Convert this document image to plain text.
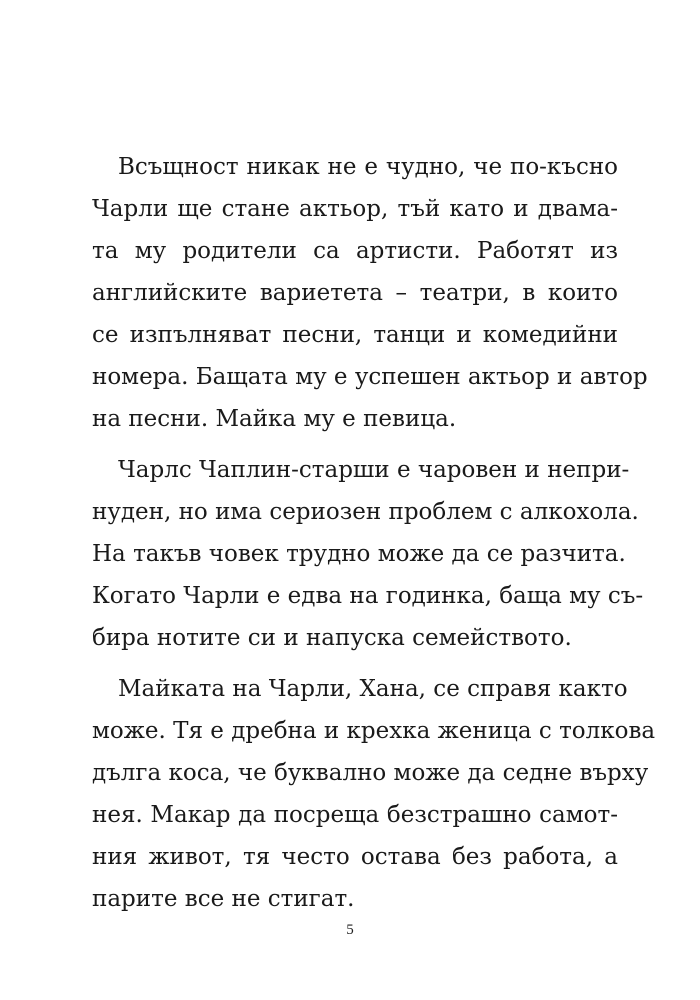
Всъщност никак не е чудно, че по-късно
Чарли ще стане актьор, тъй като и двама-
та му родители са артисти. Работят из
английските вариетета – театри, в които
се изпълняват песни, танци и комедийни
номера. Бащата му е успешен актьор и автор
на песни. Майка му е певица.
Чарлс Чаплин-старши е чаровен и непри-
нуден, но има сериозен проблем с алкохола.
На такъв човек трудно може да се разчита.
Когато Чарли е едва на годинка, баща му съ-
бира нотите си и напуска семейството.
Майката на Чарли, Хана, се справя както
може. Тя е дребна и крехка женица с толкова
дълга коса, че буквално може да седне върху
нея. Макар да посреща безстрашно самот-
ния живот, тя често остава без работа, а
парите все не стигат.
5
